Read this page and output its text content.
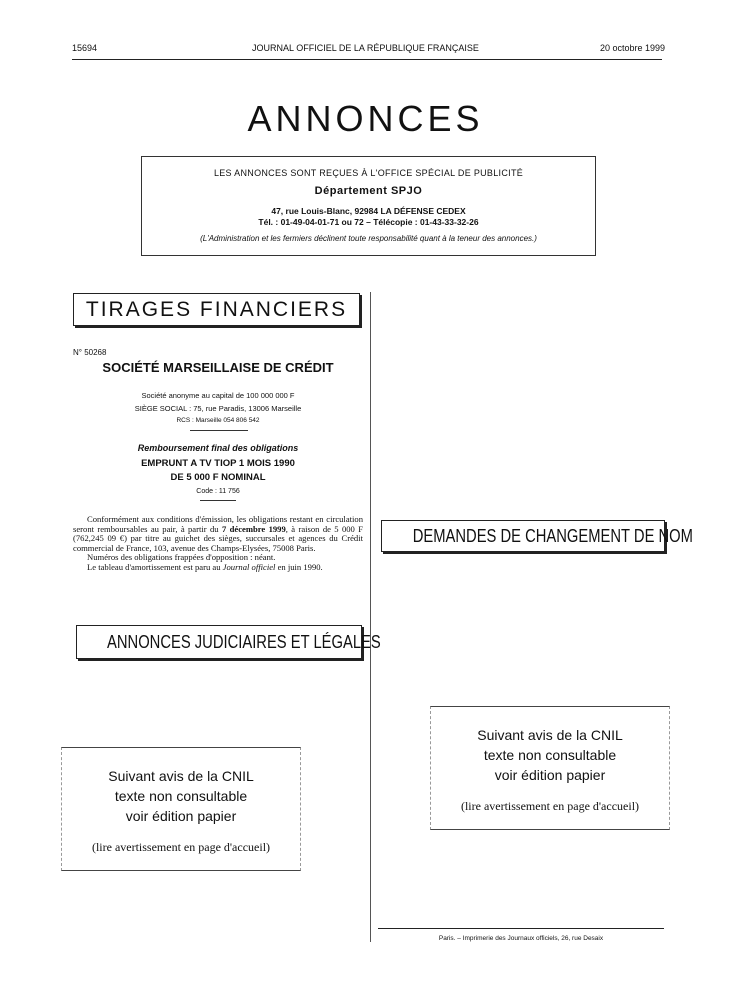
JOURNAL OFFICIEL DE LA RÉPUBLIQUE FRANÇAISE
15694	20 octobre 1999
ANNONCES
LES ANNONCES SONT REÇUES À L'OFFICE SPÉCIAL DE PUBLICITÉ
Département SPJO
47, rue Louis-Blanc, 92984 LA DÉFENSE CEDEX
Tél. : 01-49-04-01-71 ou 72 – Télécopie : 01-43-33-32-26
(L'Administration et les fermiers déclinent toute responsabilité quant à la teneur des annonces.)
TIRAGES FINANCIERS
N° 50268
SOCIÉTÉ MARSEILLAISE DE CRÉDIT
Société anonyme au capital de 100 000 000 F
SIÈGE SOCIAL : 75, rue Paradis, 13006 Marseille
RCS : Marseille 054 806 542
Remboursement final des obligations
EMPRUNT A TV TIOP 1 MOIS 1990
DE 5 000 F NOMINAL
Code : 11 756

Conformément aux conditions d'émission, les obligations restant en circulation seront remboursables au pair, à partir du 7 décembre 1999, à raison de 5 000 F (762,245 09 €) par titre au guichet des sièges, succursales et agences du Crédit commercial de France, 103, avenue des Champs-Elysées, 75008 Paris.

Numéros des obligations frappées d'opposition : néant.

Le tableau d'amortissement est paru au Journal officiel en juin 1990.

DEMANDES DE CHANGEMENT DE NOM
ANNONCES JUDICIAIRES ET LÉGALES
Suivant avis de la CNIL
texte non consultable
voir édition papier
(lire avertissement en page d'accueil)
Suivant avis de la CNIL
texte non consultable
voir édition papier
(lire avertissement en page d'accueil)
Paris. – Imprimerie des Journaux officiels, 26, rue Desaix
